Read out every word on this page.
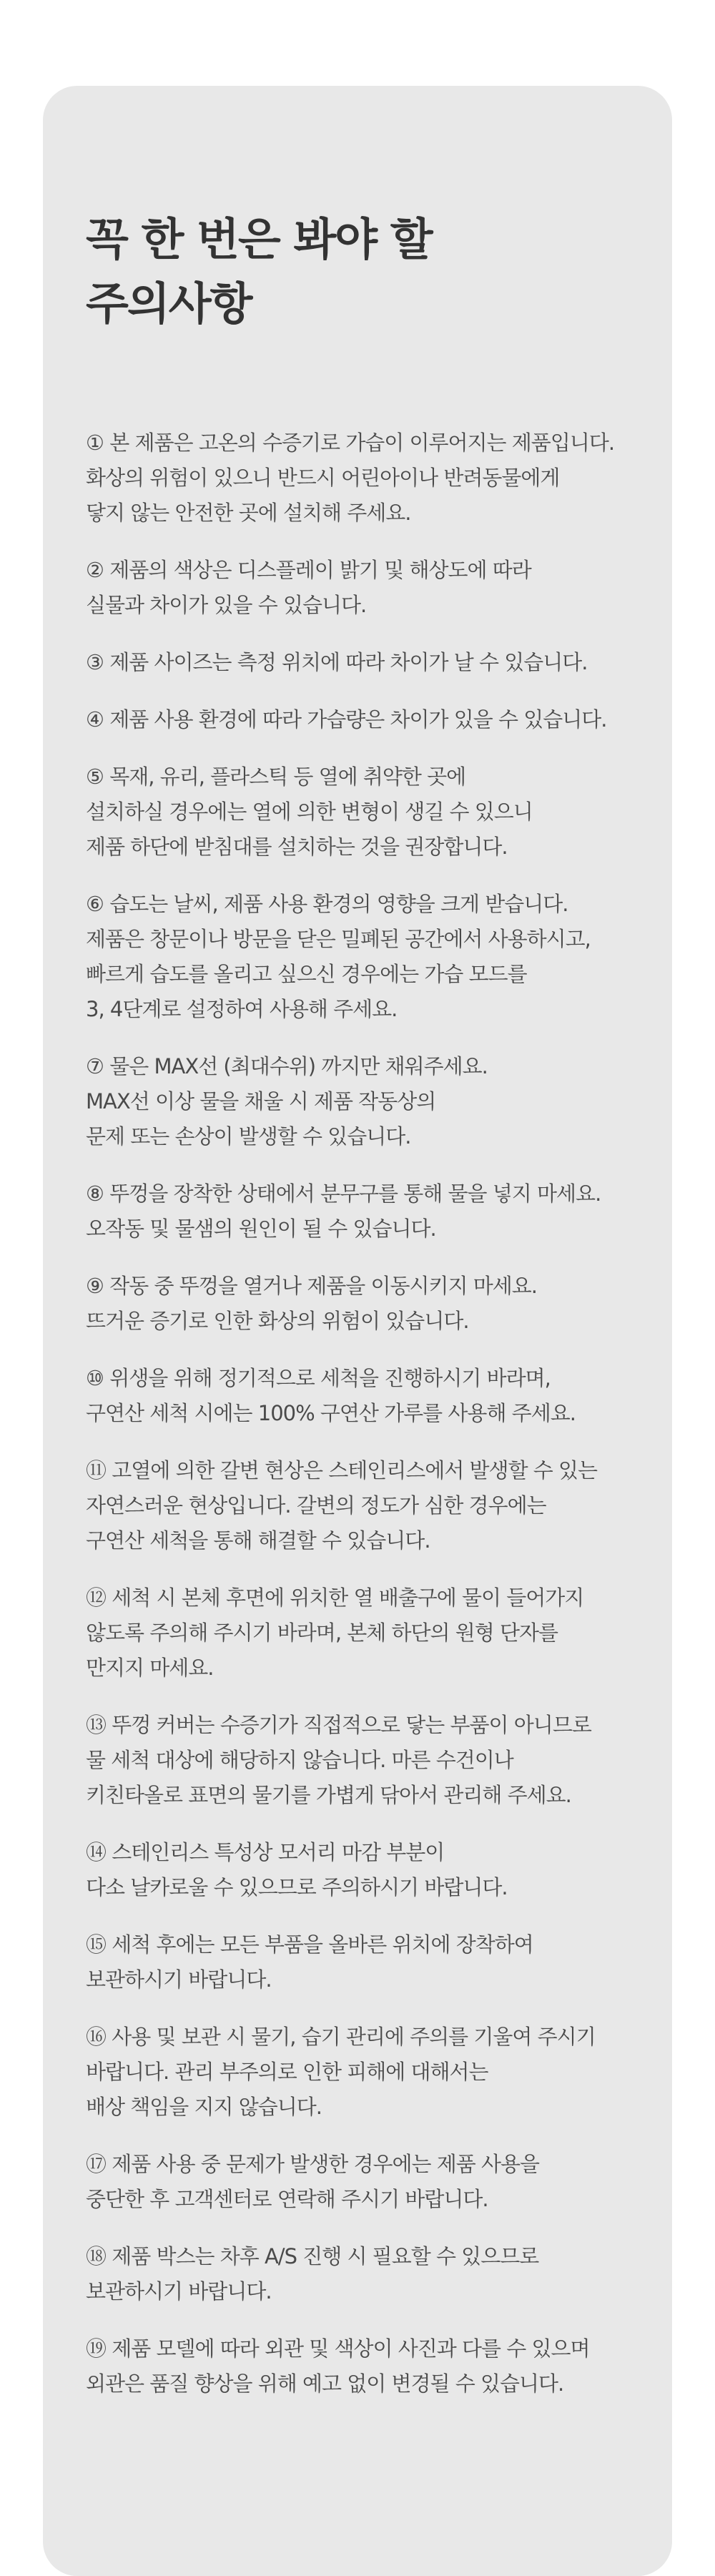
꼭 한 번은 봐야 할
주의사항

① 본 제품은 고온의 수증기로 가습이 이루어지는 제품입니다.
화상의 위험이 있으니 반드시 어린아이나 반려동물에게
닿지 않는 안전한 곳에 설치해 주세요.

② 제품의 색상은 디스플레이 밝기 및 해상도에 따라
실물과 차이가 있을 수 있습니다.

③ 제품 사이즈는 측정 위치에 따라 차이가 날 수 있습니다.

④ 제품 사용 환경에 따라 가습량은 차이가 있을 수 있습니다.

⑤ 목재, 유리, 플라스틱 등 열에 취약한 곳에
설치하실 경우에는 열에 의한 변형이 생길 수 있으니
제품 하단에 받침대를 설치하는 것을 권장합니다.

⑥ 습도는 날씨, 제품 사용 환경의 영향을 크게 받습니다.
제품은 창문이나 방문을 닫은 밀폐된 공간에서 사용하시고,
빠르게 습도를 올리고 싶으신 경우에는 가습 모드를
3, 4단계로 설정하여 사용해 주세요.

⑦ 물은 MAX선 (최대수위) 까지만 채워주세요.
MAX선 이상 물을 채울 시 제품 작동상의
문제 또는 손상이 발생할 수 있습니다.

⑧ 뚜껑을 장착한 상태에서 분무구를 통해 물을 넣지 마세요.
오작동 및 물샘의 원인이 될 수 있습니다.

⑨ 작동 중 뚜껑을 열거나 제품을 이동시키지 마세요.
뜨거운 증기로 인한 화상의 위험이 있습니다.

⑩ 위생을 위해 정기적으로 세척을 진행하시기 바라며,
구연산 세척 시에는 100% 구연산 가루를 사용해 주세요.

⑪ 고열에 의한 갈변 현상은 스테인리스에서 발생할 수 있는
자연스러운 현상입니다. 갈변의 정도가 심한 경우에는
구연산 세척을 통해 해결할 수 있습니다.

⑫ 세척 시 본체 후면에 위치한 열 배출구에 물이 들어가지
않도록 주의해 주시기 바라며, 본체 하단의 원형 단자를
만지지 마세요.

⑬ 뚜껑 커버는 수증기가 직접적으로 닿는 부품이 아니므로
물 세척 대상에 해당하지 않습니다. 마른 수건이나
키친타올로 표면의 물기를 가볍게 닦아서 관리해 주세요.

⑭ 스테인리스 특성상 모서리 마감 부분이
다소 날카로울 수 있으므로 주의하시기 바랍니다.

⑮ 세척 후에는 모든 부품을 올바른 위치에 장착하여
보관하시기 바랍니다.

⑯ 사용 및 보관 시 물기, 습기 관리에 주의를 기울여 주시기
바랍니다. 관리 부주의로 인한 피해에 대해서는
배상 책임을 지지 않습니다.

⑰ 제품 사용 중 문제가 발생한 경우에는 제품 사용을
중단한 후 고객센터로 연락해 주시기 바랍니다.

⑱ 제품 박스는 차후 A/S 진행 시 필요할 수 있으므로
보관하시기 바랍니다.

⑲ 제품 모델에 따라 외관 및 색상이 사진과 다를 수 있으며
외관은 품질 향상을 위해 예고 없이 변경될 수 있습니다.
